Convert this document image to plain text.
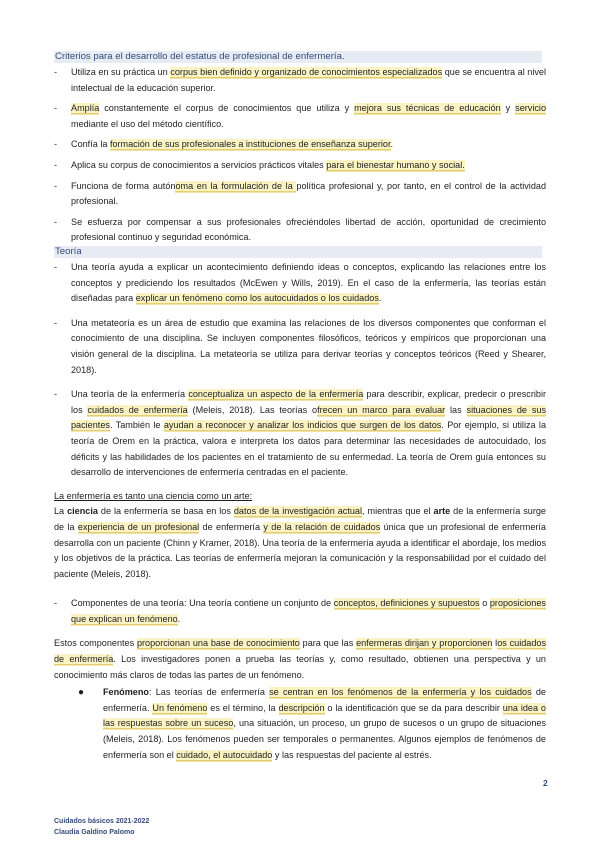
Criterios para el desarrollo del estatus de profesional de enfermería.
- Utiliza en su práctica un corpus bien definido y organizado de conocimientos especializados que se encuentra al nivel intelectual de la educación superior.
- Amplía constantemente el corpus de conocimientos que utiliza y mejora sus técnicas de educación y servicio mediante el uso del método científico.
- Confía la formación de sus profesionales a instituciones de enseñanza superior.
- Aplica su corpus de conocimientos a servicios prácticos vitales para el bienestar humano y social.
- Funciona de forma autónoma en la formulación de la política profesional y, por tanto, en el control de la actividad profesional.
- Se esfuerza por compensar a sus profesionales ofreciéndoles libertad de acción, oportunidad de crecimiento profesional continuo y seguridad económica.
Teoría
- Una teoría ayuda a explicar un acontecimiento definiendo ideas o conceptos, explicando las relaciones entre los conceptos y prediciendo los resultados (McEwen y Wills, 2019). En el caso de la enfermería, las teorías están diseñadas para explicar un fenómeno como los autocuidados o los cuidados.
- Una metateoría es un área de estudio que examina las relaciones de los diversos componentes que conforman el conocimiento de una disciplina. Se incluyen componentes filosóficos, teóricos y empíricos que proporcionan una visión general de la disciplina. La metateoría se utiliza para derivar teorías y conceptos teóricos (Reed y Shearer, 2018).
- Una teoría de la enfermería conceptualiza un aspecto de la enfermería para describir, explicar, predecir o prescribir los cuidados de enfermería (Meleis, 2018). Las teorías ofrecen un marco para evaluar las situaciones de sus pacientes. También le ayudan a reconocer y analizar los indicios que surgen de los datos. Por ejemplo, si utiliza la teoría de Orem en la práctica, valora e interpreta los datos para determinar las necesidades de autocuidado, los déficits y las habilidades de los pacientes en el tratamiento de su enfermedad. La teoría de Orem guía entonces su desarrollo de intervenciones de enfermería centradas en el paciente.
La enfermería es tanto una ciencia como un arte:
La ciencia de la enfermería se basa en los datos de la investigación actual, mientras que el arte de la enfermería surge de la experiencia de un profesional de enfermería y de la relación de cuidados única que un profesional de enfermería desarrolla con un paciente (Chinn y Kramer, 2018). Una teoría de la enfermería ayuda a identificar el abordaje, los medios y los objetivos de la práctica. Las teorías de enfermería mejoran la comunicación y la responsabilidad por el cuidado del paciente (Meleis, 2018).
- Componentes de una teoría: Una teoría contiene un conjunto de conceptos, definiciones y supuestos o proposiciones que explican un fenómeno.
Estos componentes proporcionan una base de conocimiento para que las enfermeras dirijan y proporcionen los cuidados de enfermería. Los investigadores ponen a prueba las teorías y, como resultado, obtienen una perspectiva y un conocimiento más claros de todas las partes de un fenómeno.
● Fenómeno: Las teorías de enfermería se centran en los fenómenos de la enfermería y los cuidados de enfermería. Un fenómeno es el término, la descripción o la identificación que se da para describir una idea o las respuestas sobre un suceso, una situación, un proceso, un grupo de sucesos o un grupo de situaciones (Meleis, 2018). Los fenómenos pueden ser temporales o permanentes. Algunos ejemplos de fenómenos de enfermería son el cuidado, el autocuidado y las respuestas del paciente al estrés.
2
Cuidados básicos 2021-2022
Claudia Galdino Palomo
